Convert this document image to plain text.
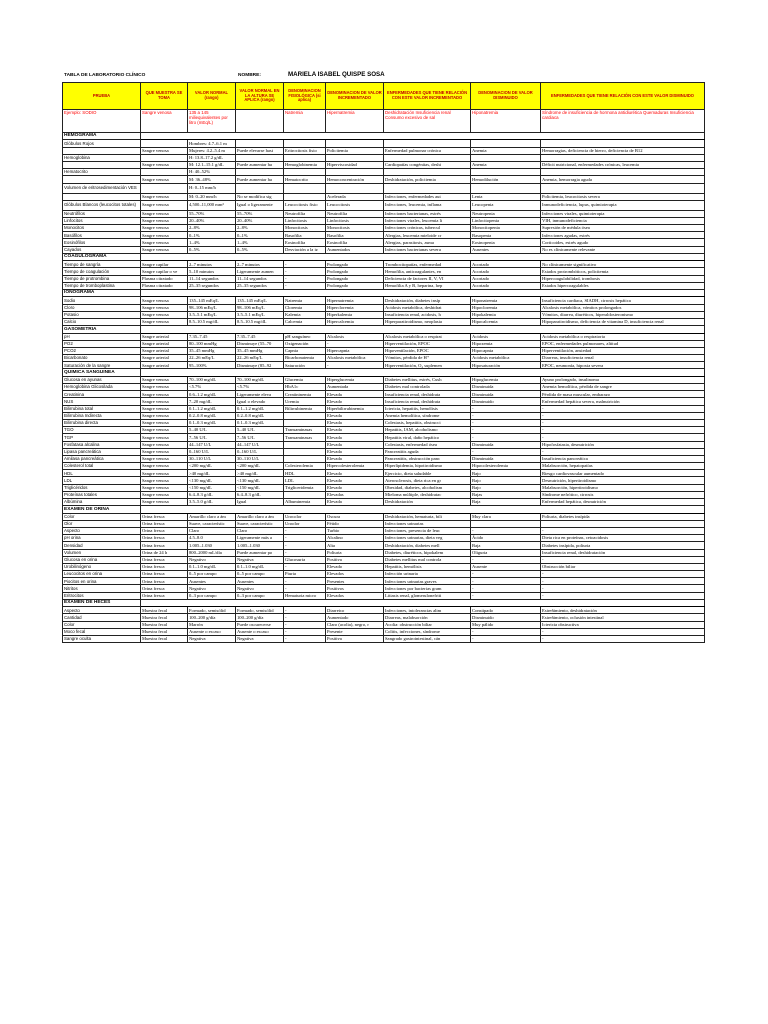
TABLA DE LABORATORIO CLÍNICO	NOMBRE:	MARIELA ISABEL QUISPE SOSA
PRUEBA	QUE MUESTRA SE TOMA	VALOR NORMAL (rango)	VALOR NORMAL EN LA ALTURA SE APLICA (rango)	DENOMINACION FISIOLÓGICA (si aplica)	DENOMINACION DE VALOR INCREMENTADO	ENFERMEDADES QUE TIENE RELACIÓN CON ESTE VALOR INCREMENTADO	DENOMINACION DE VALOR DISMINUIDO	ENFERMEDADES QUE TIENE RELACIÓN CON ESTE VALOR DISMINUIDO
Ejemplo: SODIO	Sangre venosa	135 a 145 miliequivalentes por litro (mEq/L)		Natremia	Hipernatremia	Deshidratación Insuficiencia renal Consumo excesivo de sal	Hiponatremia	Síndrome de insuficiencia de hormona antidiurética Quemaduras Insuficiencia cardiaca
HEMOGRAMA								
Glóbulos Rojos		Hombres: 4.7–6.1 m						
	Sangre venosa	Mujeres: 4.2–5.4 m	Puede elevarse hast	Eritrocitosis fisio	Policitemia	Enfermedad pulmonar crónica	Anemia	Hemorragias, deficiencia de hierro, deficiencia de B12
Hemoglobina		H: 13.8–17.2 g/dL						
	Sangre venosa	M: 12.1–15.1 g/dL	Puede aumentar ha	Hemoglobinemia	Hiperviscosidad	Cardiopatías congénitas, deshi	Anemia	Déficit nutricional, enfermedades crónicas, leucemia
Hematocrito		H: 40–52%						
	Sangre venosa	M: 36–48%	Puede aumentar ha	Hematocrito	Hemoconcentración	Deshidratación, policitemia	Hemodilución	Anemia, hemorragia aguda
Volumen de eritrosedimentación VES		H: 0–15 mm/h						
	Sangre venosa	M: 0–20 mm/h	No se modifica sig		Acelerada	Infecciones, enfermedades aut	Lenta	Policitemia, leucocitosis severa
Glóbulos Blancos (leucocitos totales)	Sangre venosa	4,500–11,000 mm³	Igual o ligeramente	Leucocitosis fisio	Leucocitosis	Infecciones, leucemia, inflama	Leucopenia	Inmunodeficiencia, lupus, quimioterapia
Neutrófilos	Sangre venosa	55–70%	55–70%	Neutrofilia	Neutrofilia	Infecciones bacterianas, estrés	Neutropenia	Infecciones virales, quimioterapia
Linfocitos	Sangre venosa	20–40%	20–40%	Linfocitosis	Linfocitosis	Infecciones virales, leucemia li	Linfocitopenia	VIH, inmunodeficiencia
Monocitos	Sangre venosa	2–8%	2–8%	Monocitosis	Monocitosis	Infecciones crónicas, tubercul	Monocitopenia	Supresión de médula ósea
Basófilos	Sangre venosa	0–1%	0–1%	Basofilia	Basofilia	Alergias, leucemia mieloide cr	Basopenia	Infecciones agudas, estrés
Eosinófilos	Sangre venosa	1–4%	1–4%	Eosinofilia	Eosinofilia	Alergias, parasitosis, asma	Eosinopenia	Corticoides, estrés agudo
Cayados	Sangre venosa	0–5%	0–5%	Desviación a la iz	Aumentados	Infecciones bacterianas severa	Ausentes	No es clínicamente relevante
COAGULOGRAMA								
Tiempo de sangría	Sangre capilar	2–7 minutos	2–7 minutos	-	Prolongado	Trombocitopatías, enfermedad	Acortado	No clínicamente significativo
Tiempo de coagulación	Sangre capilar o ve	5–10 minutos	Ligeramente aumen	-	Prolongado	Hemofilia, anticoagulantes, en	Acortado	Estados protrombóticos, policitemia
Tiempo de protrombina	Plasma citratado	11–14 segundos	11–14 segundos	-	Prolongado	Deficiencia de factores II, V, VI	Acortado	Hipercoagulabilidad, trombosis
Tiempo de tromboplastina	Plasma citratado	25–35 segundos	25–35 segundos	-	Prolongado	Hemofilia A y B, heparina, hep	Acortado	Estados hipercoagulables
IONOGRAMA								
Sodio	Sangre venosa	135–145 mEq/L	135–145 mEq/L	Natremia	Hipernatremia	Deshidratación, diabetes insíp	Hiponatremia	Insuficiencia cardiaca, SIADH, cirrosis hepática
Cloro	Sangre venosa	98–106 mEq/L	98–106 mEq/L	Cloremia	Hipercloremia	Acidosis metabólica, deshidrat	Hipocloremia	Alcalosis metabólica, vómitos prolongados
Potasio	Sangre venosa	3.5–5.1 mEq/L	3.5–5.1 mEq/L	Kalemia	Hiperkalemia	Insuficiencia renal, acidosis, h	Hipokalemia	Vómitos, diarrea, diuréticos, hiperaldosteronismo
Calcio	Sangre venosa	8.5–10.5 mg/dL	8.5–10.5 mg/dL	Calcemia	Hipercalcemia	Hiperparatiroidismo, neoplasia	Hipocalcemia	Hipoparatiroidismo, deficiencia de vitamina D, insuficiencia renal
GASOMETRIA								
pH	Sangre arterial	7.35–7.45	7.35–7.45	pH sanguíneo	Alcalosis	Alcalosis metabólica o respirat	Acidosis	Acidosis metabólica o respiratoria
PO2	Sangre arterial	80–100 mmHg	Disminuye (55–70	Oxigenación	-	Hiperventilación, EPOC	Hipoxemia	EPOC, enfermedades pulmonares, altitud
PCO2	Sangre arterial	35–45 mmHg	35–45 mmHg	Capnia	Hipercapnia	Hipoventilación, EPOC	Hipocapnia	Hiperventilación, ansiedad
Bicarbonato	Sangre arterial	22–26 mEq/L	22–26 mEq/L	Bicarbonatemia	Alcalosis metabólica	Vómitos, pérdida de H⁺	Acidosis metabólica	Diarreas, insuficiencia renal
Saturación de la sangre	Sangre arterial	95–100%	Disminuye (85–92	Saturación	-	Hiperventilación, O₂ suplemen	Hiposaturación	EPOC, neumonía, hipoxia severa
QUIMICA SANGUINEA								
Glucosa en ayunas	Sangre venosa	70–100 mg/dL	70–100 mg/dL	Glucemia	Hiperglucemia	Diabetes mellitus, estrés, Cush	Hipoglucemia	Ayuno prolongado, insulinoma
Hemoglobina Glicosilada	Sangre venosa	<5.7%	<5.7%	HbA1c	Aumentada	Diabetes mal controlada	Disminuida	Anemia hemolítica, pérdida de sangre
Creatinina	Sangre venosa	0.6–1.2 mg/dL	Ligeramente eleva	Creatininemia	Elevada	Insuficiencia renal, deshidrata	Disminuida	Pérdida de masa muscular, embarazo
NUS	Sangre venosa	7–20 mg/dL	Igual o elevado	Uremia	Elevado	Insuficiencia renal, deshidrata	Disminuido	Enfermedad hepática severa, malnutrición
Bilirrubina total	Sangre venosa	0.1–1.2 mg/dL	0.1–1.2 mg/dL	Bilirrubinemia	Hiperbilirrubinemia	Ictericia, hepatitis, hemólisis	-	-
Bilirrubina Indirecta	Sangre venosa	0.2–0.8 mg/dL	0.2–0.8 mg/dL		Elevada	Anemia hemolítica, síndrome	-	-
Bilirrubina directa	Sangre venosa	0.1–0.3 mg/dL	0.1–0.3 mg/dL		Elevada	Colestasis, hepatitis, obstrucci	-	-
TGO	Sangre venosa	5–40 U/L	5–40 U/L	Transaminasas	Elevada	Hepatitis, IAM, alcoholismo	-	-
TGP	Sangre venosa	7–56 U/L	7–56 U/L	Transaminasas	Elevada	Hepatitis viral, daño hepático	-	-
Fosfatasa alcalina	Sangre venosa	44–147 U/L	44–147 U/L		Elevada	Colestasis, enfermedad ósea	Disminuida	Hipofosfatasia, desnutrición
Lipasa pancreática	Sangre venosa	0–160 U/L	0–160 U/L		Elevada	Pancreatitis aguda	-	-
Amilasa pancreática	Sangre venosa	30–110 U/L	30–110 U/L		Elevada	Pancreatitis, obstrucción panc	Disminuida	Insuficiencia pancreática
Colesterol total	Sangre venosa	<200 mg/dL	<200 mg/dL	Colesterolemia	Hipercolesterolemia	Hiperlipidemia, hipotiroidismo	Hipocolesterolemia	Malabsorción, hepatopatías
HDL	Sangre venosa	>40 mg/dL	>40 mg/dL	HDL	Elevado	Ejercicio, dieta saludable	Bajo	Riesgo cardiovascular aumentado
LDL	Sangre venosa	<130 mg/dL	<130 mg/dL	LDL	Elevado	Aterosclerosis, dieta rica en gr	Bajo	Desnutrición, hipertiroidismo
Triglicéridos	Sangre venosa	<150 mg/dL	<150 mg/dL	Trigliceridemia	Elevado	Obesidad, diabetes, alcoholism	Bajo	Malabsorción, hipertiroidismo
Proteínas totales	Sangre venosa	6.4–8.3 g/dL	6.4–8.3 g/dL		Elevadas	Mieloma múltiple, deshidratac	Bajas	Síndrome nefrótico, cirrosis
Albúmina	Sangre venosa	3.5–5.0 g/dL	Igual	Albuminemia	Elevada	Deshidratación	Baja	Enfermedad hepática, desnutrición
EXAMEN DE ORINA								
Color	Orina fresca	Amarillo claro a ám	Amarillo claro a ám	Urocolor	Oscura	Deshidratación, hematuria, bili	Muy clara	Poliuria, diabetes insípida
Olor	Orina fresca	Suave, característic	Suave, característic	Uroolor	Fétido	Infecciones urinarias		
Aspecto	Orina fresca	Claro	Claro	-	Turbio	Infecciones, presencia de leuc	-	-
pH orina	Orina fresca	4.5–8.0	Ligeramente más a	-	Alcalino	Infecciones urinarias, dieta veg	Ácido	Dieta rica en proteínas, cetoacidosis
Densidad	Orina fresca	1.005–1.030	1.005–1.030	-	Alta	Deshidratación, diabetes mell	Baja	Diabetes insípida, poliuria
Volumen	Orina de 24 h	800–2000 mL/día	Puede aumentar po	-	Poliuria	Diabetes, diuréticos, hipokalem	Oliguria	Insuficiencia renal, deshidratación
Glucosa en orina	Orina fresca	Negativo	Negativa	Glucosuria	Positiva	Diabetes mellitus mal controla	-	-
Urobilinógeno	Orina fresca	0.1–1.0 mg/dL	0.1–1.0 mg/dL	-	Elevado	Hepatitis, hemólisis	Ausente	Obstrucción biliar
Leucocitos en orina	Orina fresca	0–5 por campo	0–5 por campo	Piuria	Elevados	Infección urinaria	-	-
Piocitos en orina	Orina fresca	Ausentes	Ausentes	-	Presentes	Infecciones urinarias graves	-	-
Nitritos	Orina fresca	Negativo	Negativo	-	Positivos	Infecciones por bacterias gram	-	-
Eritrocitos	Orina fresca	0–3 por campo	0–3 por campo	Hematuria micro	Elevados	Litiasis renal, glomerulonefriti	-	-
EXAMEN DE HECES								
Aspecto	Muestra fecal	Formado, semisólid	Formado, semisólid	-	Diarreico	Infecciones, intolerancias alim	Constipado	Estreñimiento, deshidratación
Cantidad	Muestra fecal	100–200 g/día	100–200 g/día	-	Aumentado	Diarreas, malabsorción	Disminuido	Estreñimiento, oclusión intestinal
Color	Muestra fecal	Marrón	Puede oscurecerse	-	Claro (acolia), negro, r	Acolia: obstrucción biliar	Muy pálido	Ictericia obstructiva
Moco fecal	Muestra fecal	Ausente o escaso	Ausente o escaso	-	Presente	Colitis, infecciones, síndrome	-	-
Sangre oculta	Muestra fecal	Negativa	Negativa	-	Positiva	Sangrado gastrointestinal, cán	-	-
